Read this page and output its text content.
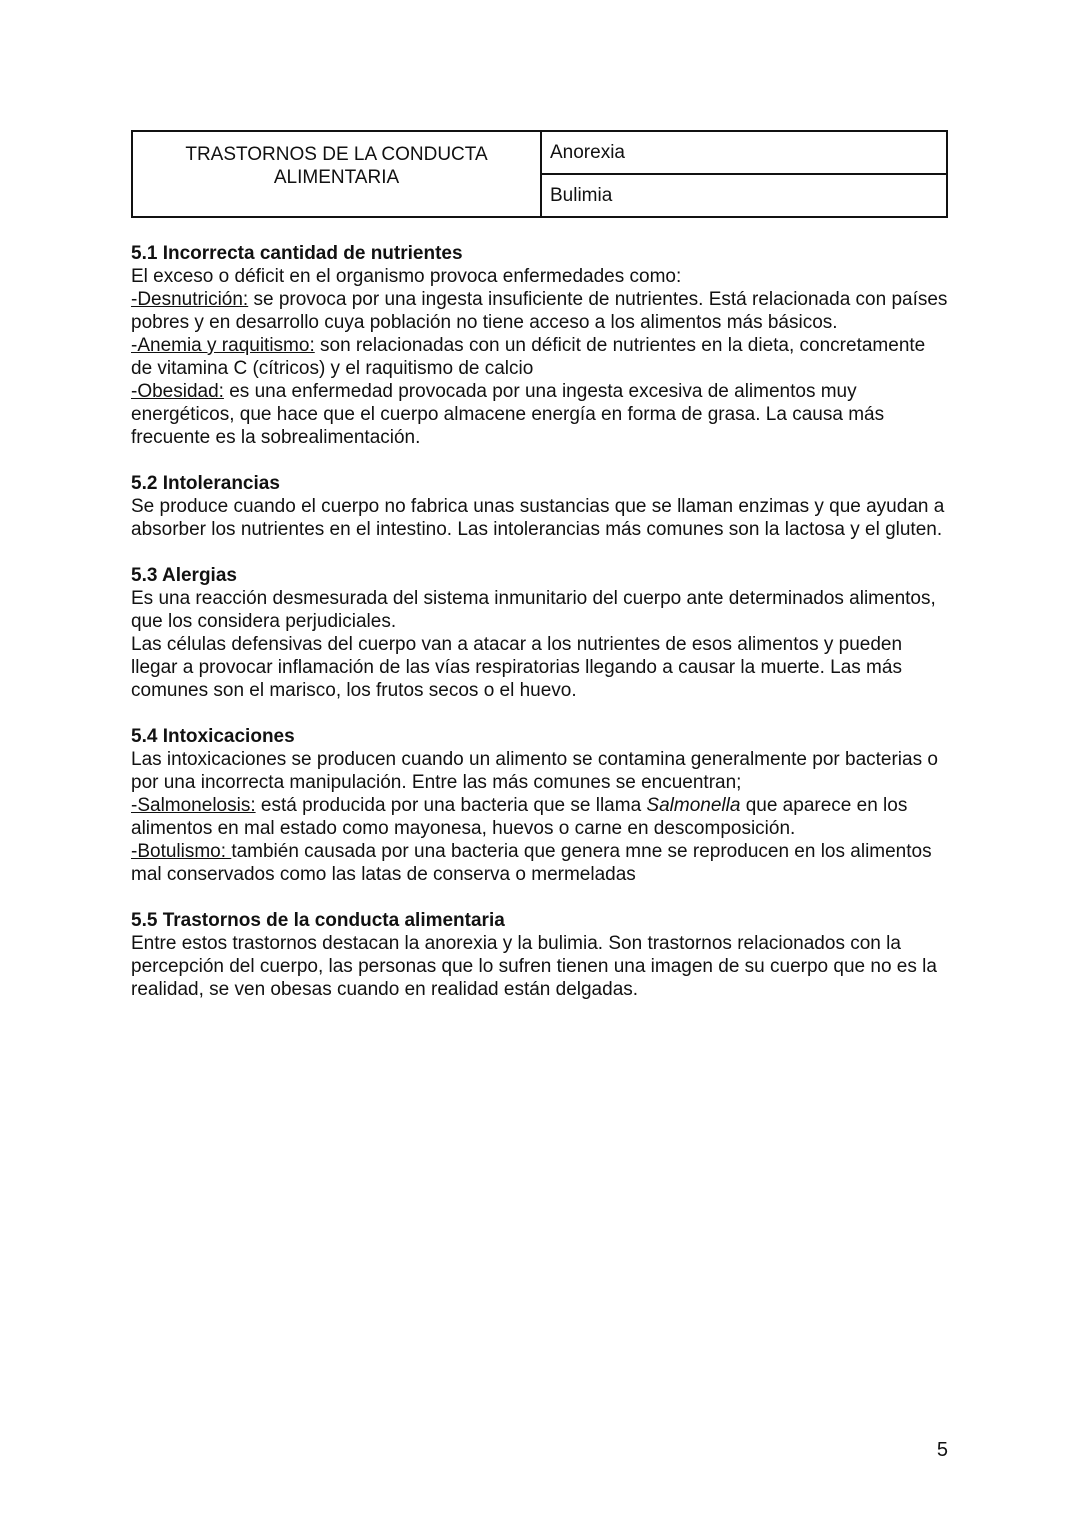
TRASTORNOS DE LA CONDUCTA
ALIMENTARIA	Anorexia
Bulimia
5.1 Incorrecta cantidad de nutrientes

El exceso o déficit en el organismo provoca enfermedades como:

-Desnutrición: se provoca por una ingesta insuficiente de nutrientes. Está relacionada con países pobres y en desarrollo cuya población no tiene acceso a los alimentos más básicos.

-Anemia y raquitismo: son relacionadas con un déficit de nutrientes en la dieta, concretamente de vitamina C (cítricos) y el raquitismo de calcio

-Obesidad: es una enfermedad provocada por una ingesta excesiva de alimentos muy energéticos, que hace que el cuerpo almacene energía en forma de grasa. La causa más frecuente es la sobrealimentación.

5.2 Intolerancias

Se produce cuando el cuerpo no fabrica unas sustancias que se llaman enzimas y que ayudan a absorber los nutrientes en el intestino. Las intolerancias más comunes son la lactosa y el gluten.

5.3 Alergias

Es una reacción desmesurada del sistema inmunitario del cuerpo ante determinados alimentos, que los considera perjudiciales.

Las células defensivas del cuerpo van a atacar a los nutrientes de esos alimentos y pueden llegar a provocar inflamación de las vías respiratorias llegando a causar la muerte. Las más comunes son el marisco, los frutos secos o el huevo.

5.4 Intoxicaciones

Las intoxicaciones se producen cuando un alimento se contamina generalmente por bacterias o por una incorrecta manipulación. Entre las más comunes se encuentran;

-Salmonelosis: está producida por una bacteria que se llama Salmonella que aparece en los alimentos en mal estado como mayonesa, huevos o carne en descomposición.

-Botulismo: también causada por una bacteria que genera mne se reproducen en los alimentos mal conservados como las latas de conserva o mermeladas

5.5 Trastornos de la conducta alimentaria

Entre estos trastornos destacan la anorexia y la bulimia. Son trastornos relacionados con la percepción del cuerpo, las personas que lo sufren tienen una imagen de su cuerpo que no es la realidad, se ven obesas cuando en realidad están delgadas.

5
